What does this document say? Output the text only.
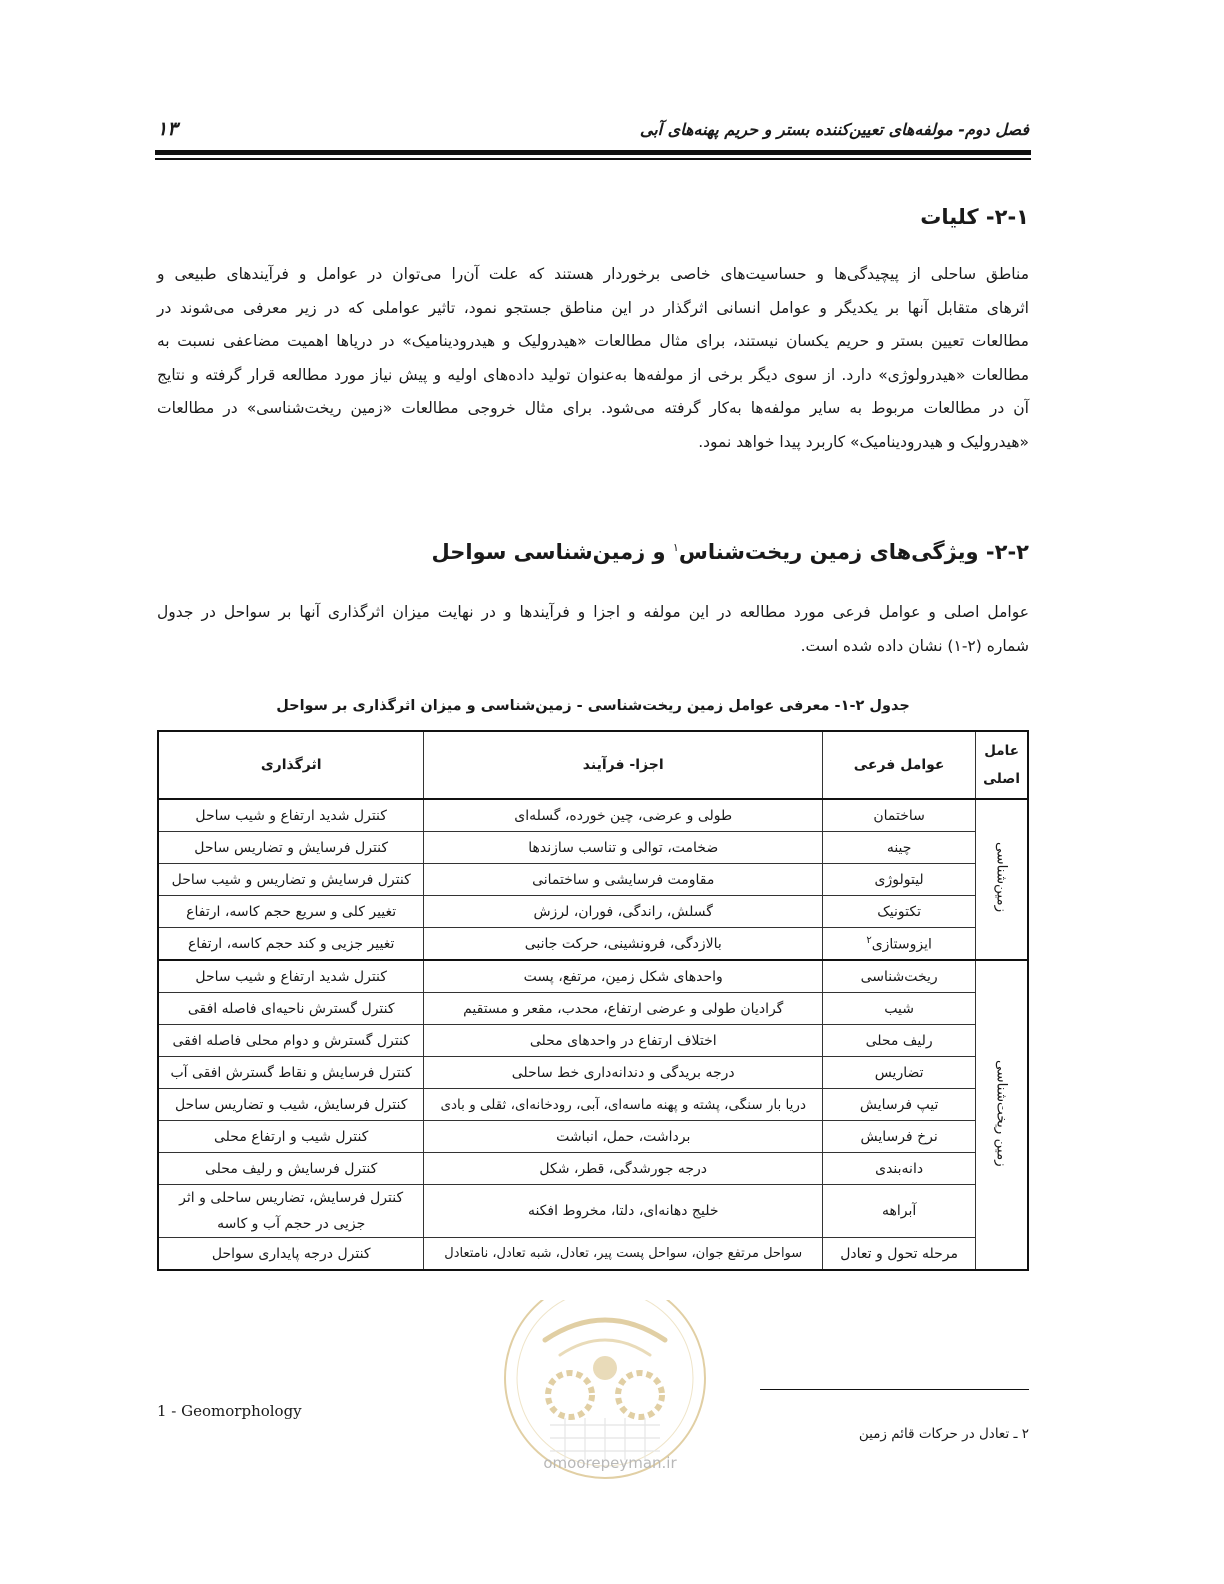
فصل دوم- مولفه‌های تعیین‌کننده بستر و حریم پهنه‌های آبی
۱۳
۲-۱- کلیات
مناطق ساحلی از پیچیدگی‌ها و حساسیت‌های خاصی برخوردار هستند که علت آن‌را می‌توان در عوامل و فرآیندهای طبیعی و
اثرهای متقابل آنها بر یکدیگر و عوامل انسانی اثرگذار در این مناطق جستجو نمود، تاثیر عواملی که در زیر معرفی می‌شوند در
مطالعات تعیین بستر و حریم یکسان نیستند، برای مثال مطالعات «هیدرولیک و هیدرودینامیک» در دریاها اهمیت مضاعفی نسبت به
مطالعات «هیدرولوژی» دارد. از سوی دیگر برخی از مولفه‌ها به‌عنوان تولید داده‌های اولیه و پیش نیاز مورد مطالعه قرار گرفته و نتایج
آن در مطالعات مربوط به سایر مولفه‌ها به‌کار گرفته می‌شود. برای مثال خروجی مطالعات «زمین ریخت‌شناسی» در مطالعات
«هیدرولیک و هیدرودینامیک» کاربرد پیدا خواهد نمود.
۲-۲- ویژگی‌های زمین ریخت‌شناس$^۱$ و زمین‌شناسی سواحل
عوامل اصلی و عوامل فرعی مورد مطالعه در این مولفه و اجزا و فرآیندها و در نهایت میزان اثرگذاری آنها بر سواحل در جدول
شماره (۲-۱) نشان داده شده است.
جدول ۲-۱- معرفی عوامل زمین ریخت‌شناسی - زمین‌شناسی و میزان اثرگذاری بر سواحل
عامل اصلی	عوامل فرعی	اجزا- فرآیند	اثرگذاری
زمین‌شناسی	ساختمان	طولی و عرضی، چین خورده، گسله‌ای	کنترل شدید ارتفاع و شیب ساحل
	چینه	ضخامت، توالی و تناسب سازندها	کنترل فرسایش و تضاریس ساحل
	لیتولوژی	مقاومت فرسایشی و ساختمانی	کنترل فرسایش و تضاریس و شیب ساحل
	تکتونیک	گسلش، راندگی، فوران، لرزش	تغییر کلی و سریع حجم کاسه، ارتفاع
	ایزوستازی$^۲$	بالازدگی، فرونشینی، حرکت جانبی	تغییر جزیی و کند حجم کاسه، ارتفاع
زمین ریخت‌شناسی	ریخت‌شناسی	واحدهای شکل زمین، مرتفع، پست	کنترل شدید ارتفاع و شیب ساحل
	شیب	گرادیان طولی و عرضی ارتفاع، محدب، مقعر و مستقیم	کنترل گسترش ناحیه‌ای فاصله افقی
	رلیف محلی	اختلاف ارتفاع در واحدهای محلی	کنترل گسترش و دوام محلی فاصله افقی
	تضاریس	درجه بریدگی و دندانه‌داری خط ساحلی	کنترل فرسایش و نقاط گسترش افقی آب
	تیپ فرسایش	دریا بار سنگی، پشته و پهنه ماسه‌ای، آبی، رودخانه‌ای، ثقلی و بادی	کنترل فرسایش، شیب و تضاریس ساحل
	نرخ فرسایش	برداشت، حمل، انباشت	کنترل شیب و ارتفاع محلی
	دانه‌بندی	درجه جورشدگی، قطر، شکل	کنترل فرسایش و رلیف محلی
	آبراهه	خلیج دهانه‌ای، دلتا، مخروط افکنه	کنترل فرسایش، تضاریس ساحلی و اثر
جزیی در حجم آب و کاسه
	مرحله تحول و تعادل	سواحل مرتفع جوان، سواحل پست پیر، تعادل، شبه تعادل، نامتعادل	کنترل درجه پایداری سواحل
omoorepeyman.ir
1 - Geomorphology
۲ ـ تعادل در حرکات قائم زمین
